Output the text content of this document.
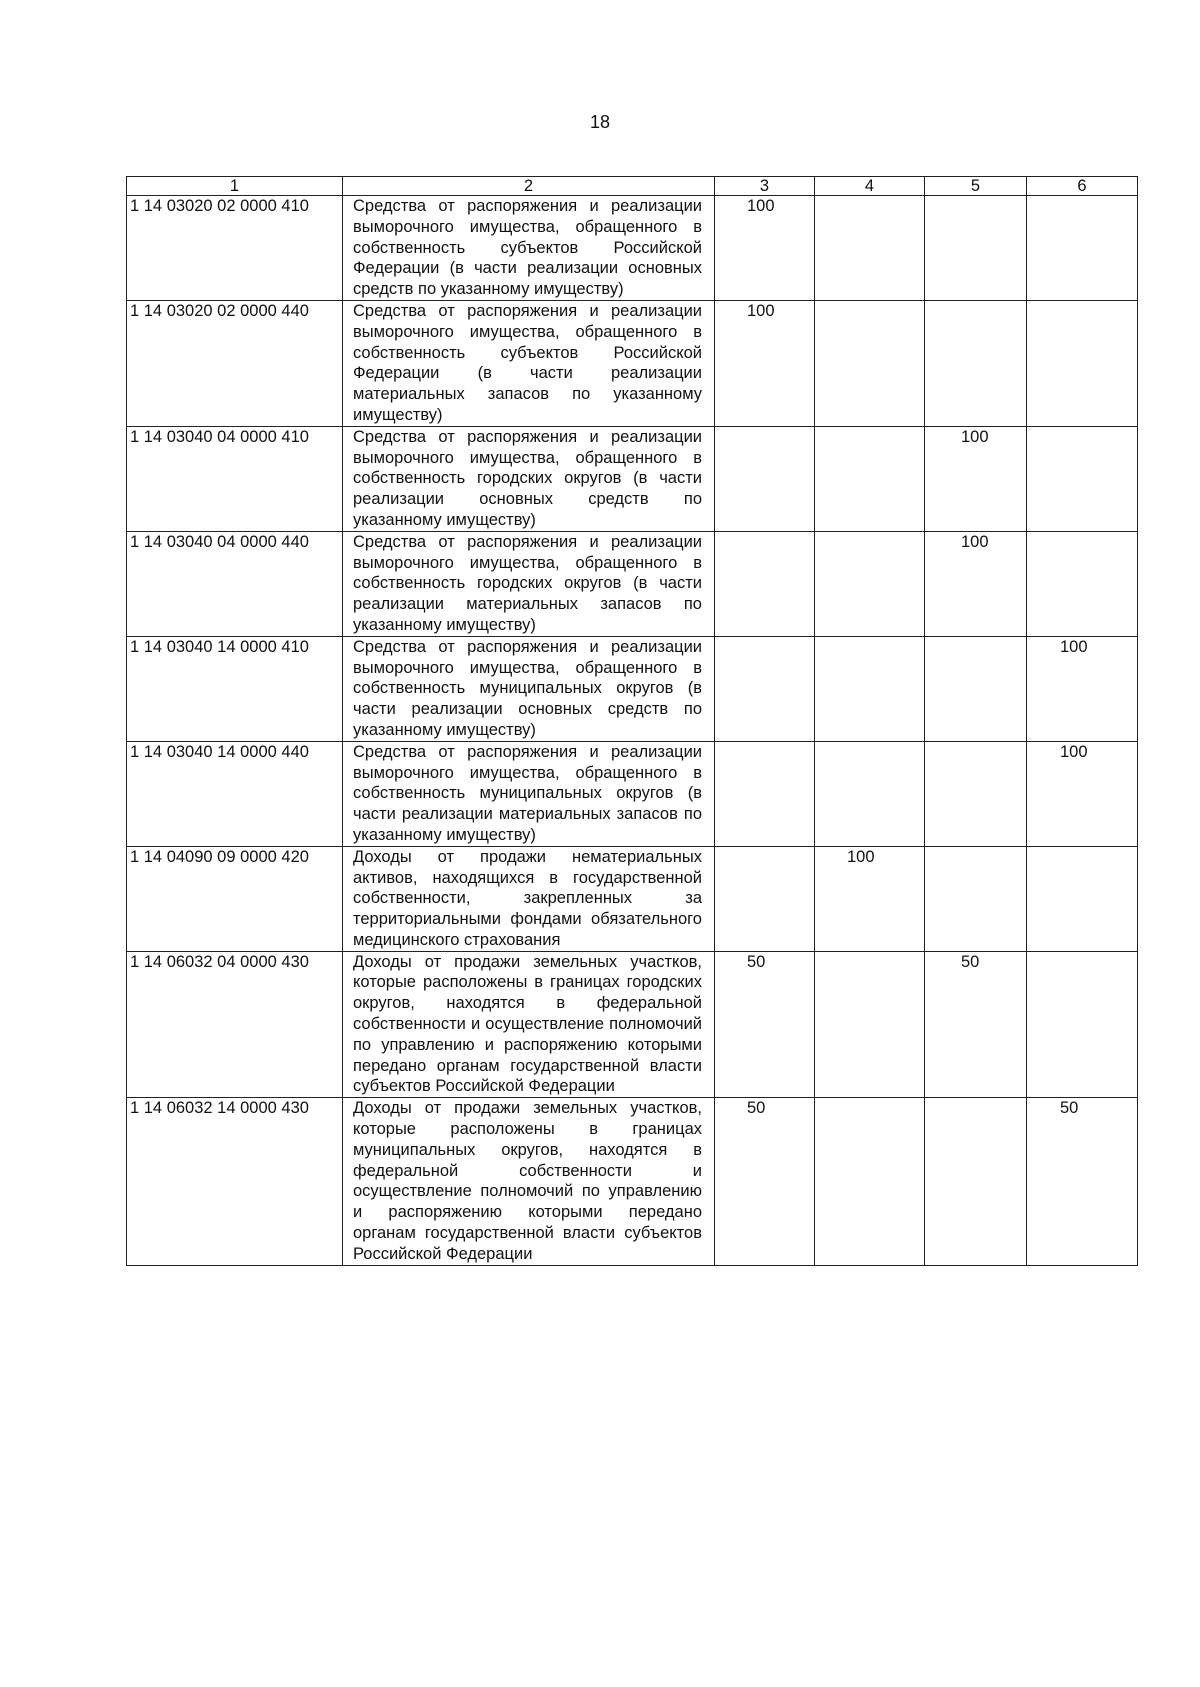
18
1	2	3	4	5	6
1 14 03020 02 0000 410	Средства от распоряжения и реализации выморочного имущества, обращенного в собственность субъектов Российской Федерации (в части реализации основных средств по указанному имуществу)	100			
1 14 03020 02 0000 440	Средства от распоряжения и реализации выморочного имущества, обращенного в собственность субъектов Российской Федерации (в части реализации материальных запасов по указанному имуществу)	100			
1 14 03040 04 0000 410	Средства от распоряжения и реализации выморочного имущества, обращенного в собственность городских округов (в части реализации основных средств по указанному имуществу)			100	
1 14 03040 04 0000 440	Средства от распоряжения и реализации выморочного имущества, обращенного в собственность городских округов (в части реализации материальных запасов по указанному имуществу)			100	
1 14 03040 14 0000 410	Средства от распоряжения и реализации выморочного имущества, обращенного в собственность муниципальных округов (в части реализации основных средств по указанному имуществу)				100
1 14 03040 14 0000 440	Средства от распоряжения и реализации выморочного имущества, обращенного в собственность муниципальных округов (в части реализации материальных запасов по указанному имуществу)				100
1 14 04090 09 0000 420	Доходы от продажи нематериальных активов, находящихся в государственной собственности, закрепленных за территориальными фондами обязательного медицинского страхования		100		
1 14 06032 04 0000 430	Доходы от продажи земельных участков, которые расположены в границах городских округов, находятся в федеральной собственности и осуществление полномочий по управлению и распоряжению которыми передано органам государственной власти субъектов Российской Федерации	50		50	
1 14 06032 14 0000 430	Доходы от продажи земельных участков, которые расположены в границах муниципальных округов, находятся в федеральной собственности и осуществление полномочий по управлению и распоряжению которыми передано органам государственной власти субъектов Российской Федерации	50			50
